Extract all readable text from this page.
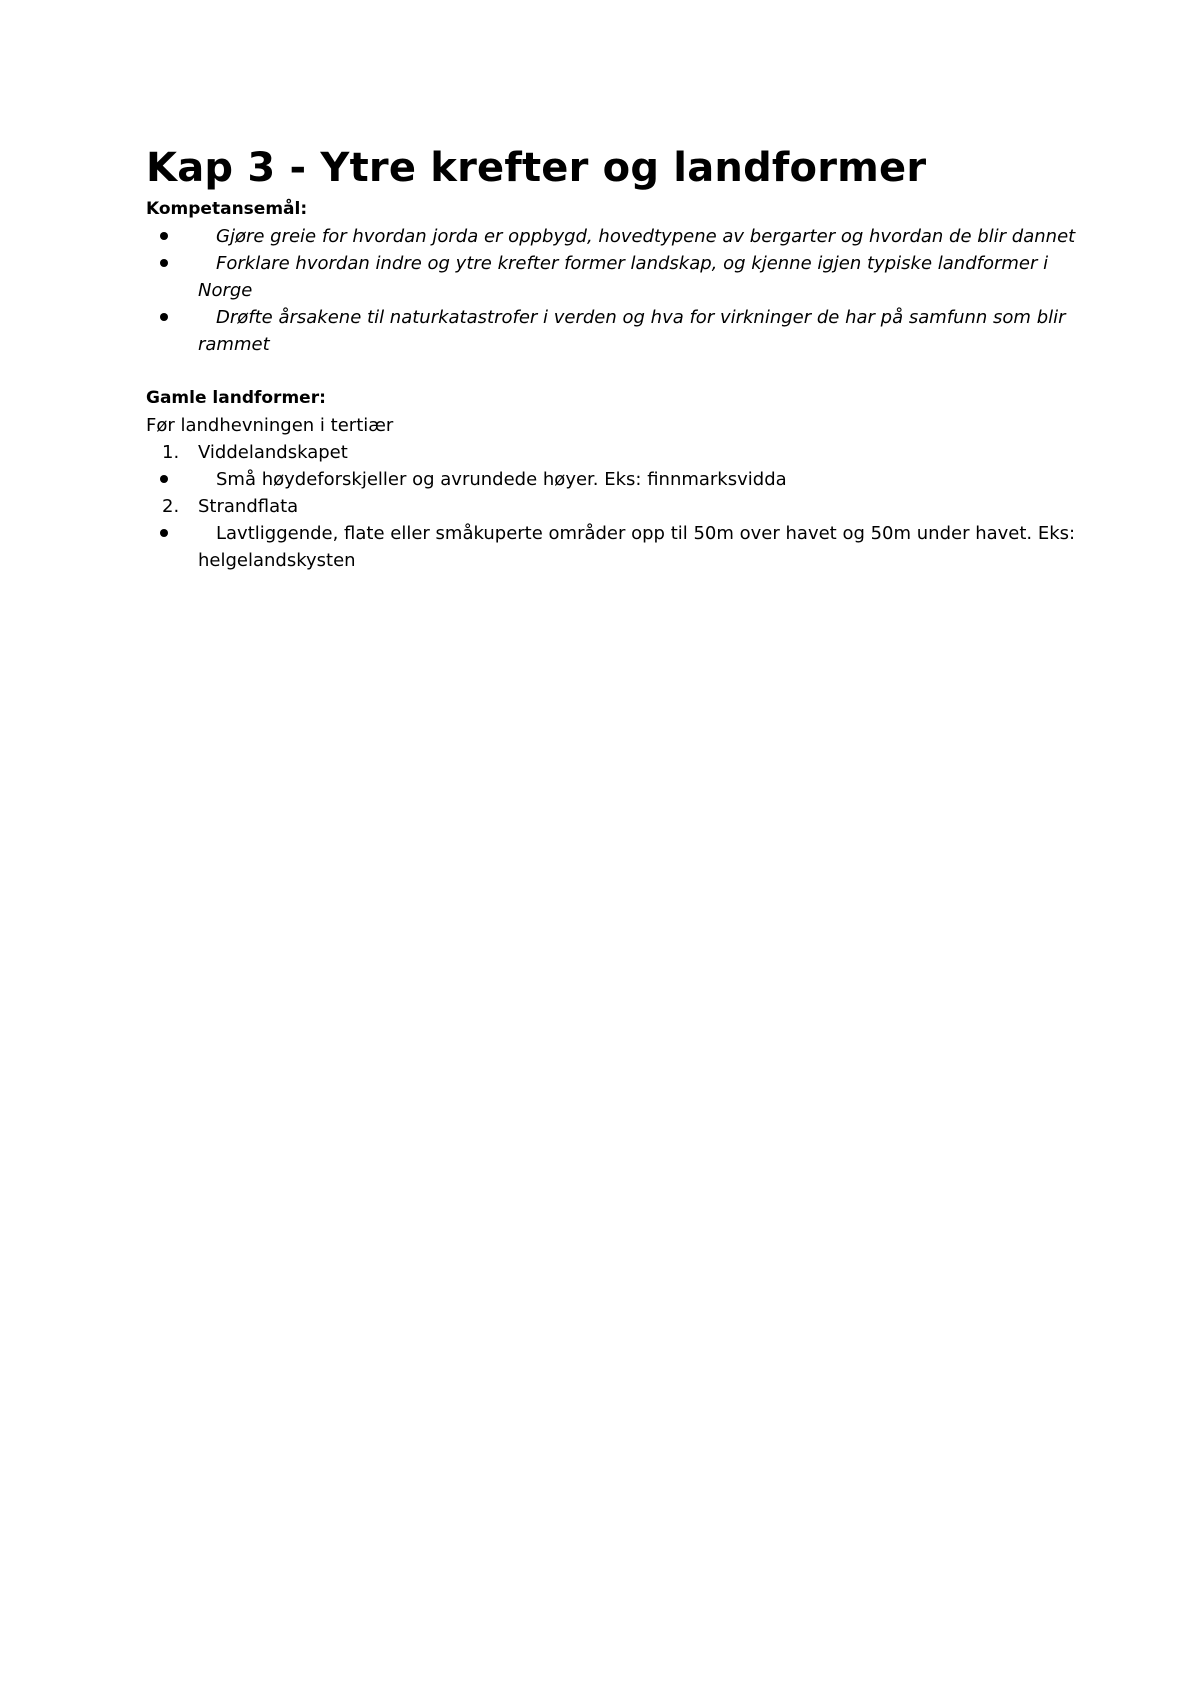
Kap 3 - Ytre krefter og landformer
Kompetansemål:
Gjøre greie for hvordan jorda er oppbygd, hovedtypene av bergarter og hvordan de blir dannet
Forklare hvordan indre og ytre krefter former landskap, og kjenne igjen typiske landformer i Norge
Drøfte årsakene til naturkatastrofer i verden og hva for virkninger de har på samfunn som blir rammet
Gamle landformer:
Før landhevningen i tertiær
1. Viddelandskapet
Små høydeforskjeller og avrundede høyer. Eks: finnmarksvidda
2. Strandflata
Lavtliggende, flate eller småkuperte områder opp til 50m over havet og 50m under havet. Eks: helgelandskysten
